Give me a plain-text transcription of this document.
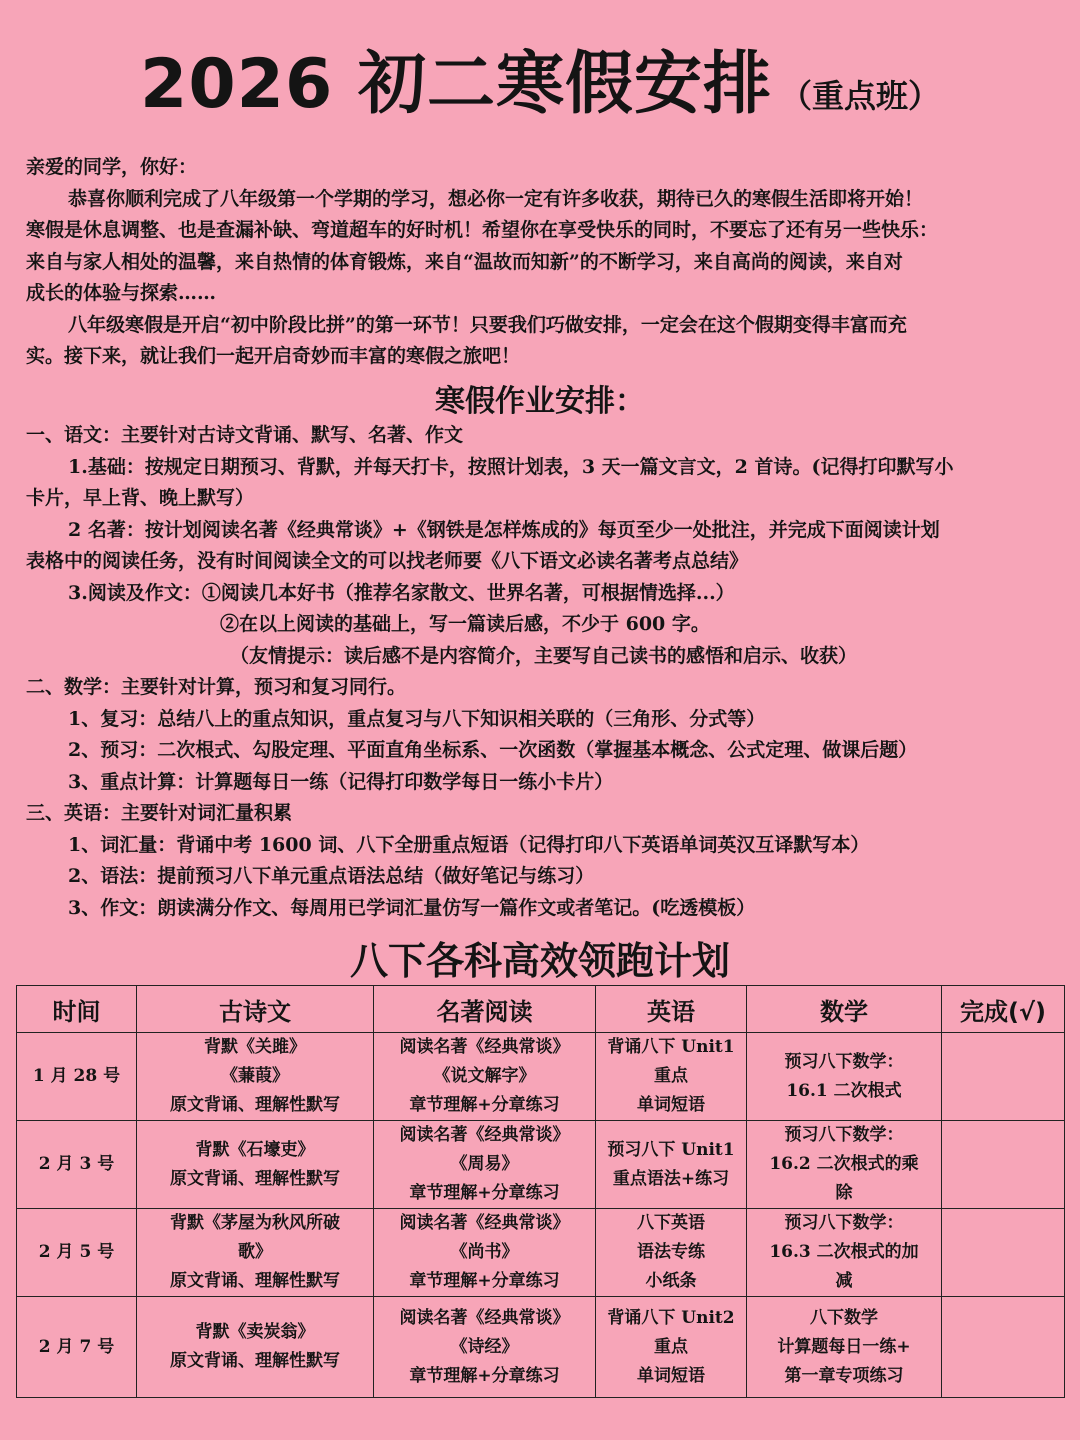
2026 初二寒假安排 （重点班）

亲爱的同学，你好：

恭喜你顺利完成了八年级第一个学期的学习，想必你一定有许多收获，期待已久的寒假生活即将开始！

寒假是休息调整、也是查漏补缺、弯道超车的好时机！希望你在享受快乐的同时，不要忘了还有另一些快乐：

来自与家人相处的温馨，来自热情的体育锻炼，来自“温故而知新”的不断学习，来自高尚的阅读，来自对

成长的体验与探索……

八年级寒假是开启“初中阶段比拼”的第一环节！只要我们巧做安排，一定会在这个假期变得丰富而充

实。接下来，就让我们一起开启奇妙而丰富的寒假之旅吧！

寒假作业安排：

一、语文：主要针对古诗文背诵、默写、名著、作文

1.基础：按规定日期预习、背默，并每天打卡，按照计划表，3 天一篇文言文，2 首诗。(记得打印默写小

卡片，早上背、晚上默写）

2 名著：按计划阅读名著《经典常谈》+《钢铁是怎样炼成的》每页至少一处批注，并完成下面阅读计划

表格中的阅读任务，没有时间阅读全文的可以找老师要《八下语文必读名著考点总结》

3.阅读及作文：①阅读几本好书（推荐名家散文、世界名著，可根据情选择...）

②在以上阅读的基础上，写一篇读后感，不少于 600 字。

（友情提示：读后感不是内容简介，主要写自己读书的感悟和启示、收获）

二、数学：主要针对计算，预习和复习同行。

1、复习：总结八上的重点知识，重点复习与八下知识相关联的（三角形、分式等）

2、预习：二次根式、勾股定理、平面直角坐标系、一次函数（掌握基本概念、公式定理、做课后题）

3、重点计算：计算题每日一练（记得打印数学每日一练小卡片）

三、英语：主要针对词汇量积累

1、词汇量：背诵中考 1600 词、八下全册重点短语（记得打印八下英语单词英汉互译默写本）

2、语法：提前预习八下单元重点语法总结（做好笔记与练习）

3、作文：朗读满分作文、每周用已学词汇量仿写一篇作文或者笔记。(吃透模板）

八下各科高效领跑计划
时间	古诗文	名著阅读	英语	数学	完成(√)
1 月 28 号	背默《关雎》
《蒹葭》
原文背诵、理解性默写	阅读名著《经典常谈》
《说文解字》
章节理解+分章练习	背诵八下 Unit1
重点
单词短语	预习八下数学：
16.1 二次根式	

2 月 3 号	背默《石壕吏》
原文背诵、理解性默写	阅读名著《经典常谈》
《周易》
章节理解+分章练习	预习八下 Unit1
重点语法+练习	预习八下数学：
16.2 二次根式的乘
除	

2 月 5 号	背默《茅屋为秋风所破
歌》
原文背诵、理解性默写	阅读名著《经典常谈》
《尚书》
章节理解+分章练习	八下英语
语法专练
小纸条	预习八下数学：
16.3 二次根式的加
减	

2 月 7 号	背默《卖炭翁》
原文背诵、理解性默写	阅读名著《经典常谈》
《诗经》
章节理解+分章练习	背诵八下 Unit2
重点
单词短语	八下数学
计算题每日一练+
第一章专项练习	
